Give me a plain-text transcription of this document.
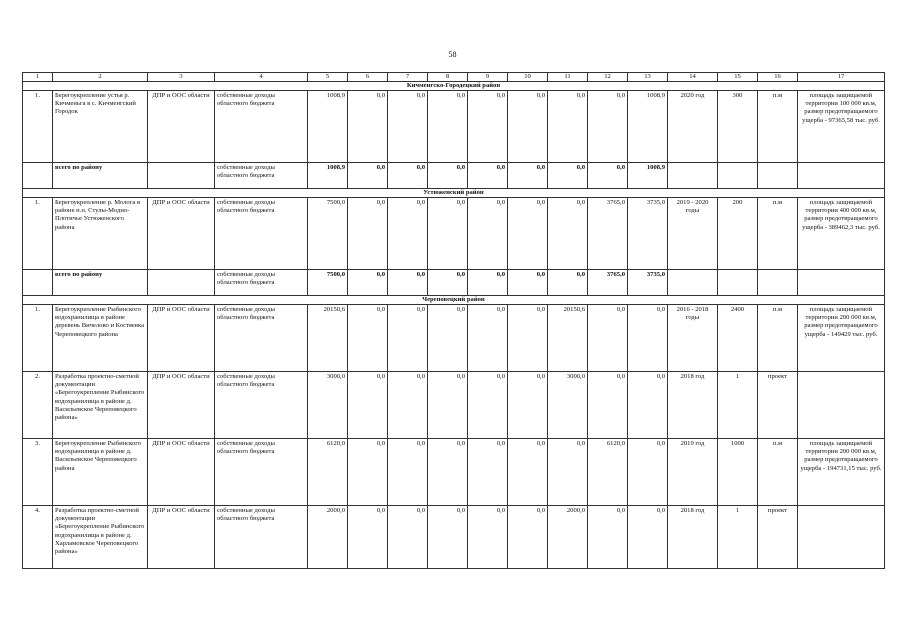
58
1	2	3	4	5	6	7	8	9	10	11	12	13	14	15	16	17
Кичменгско-Городецкий район																
1.	Берегоукрепление устья р. Кичменьга в с. Кичменгский Городок	ДПР и ООС области	собственные доходы областного бюджета	1008,9	0,0	0,0	0,0	0,0	0,0	0,0	0,0	1008,9	2020 год	300	п.м	площадь защищаемой территории 100 000 кв.м, размер предотвращаемого ущерба - 97365,58 тыс. руб.
	всего по району		собственные доходы областного бюджета	1008,9	0,0	0,0	0,0	0,0	0,0	0,0	0,0	1008,9				
Устюженский район																
1.	Берегоукрепление р. Молога в районе н.п. Стулы-Модно-Плотичье Устюженского района	ДПР и ООС области	собственные доходы областного бюджета	7500,0	0,0	0,0	0,0	0,0	0,0	0,0	3765,0	3735,0	2019 - 2020 годы	200	п.м	площадь защищаемой территории 400 000 кв.м, размер предотвращаемого ущерба - 389462,3 тыс. руб.
	всего по району		собственные доходы областного бюджета	7500,0	0,0	0,0	0,0	0,0	0,0	0,0	3765,0	3735,0				
Череповецкий район																
1.	Берегоукрепление Рыбинского водохранилища в районе деревень Вичелово и Костяевка Череповецкого района	ДПР и ООС области	собственные доходы областного бюджета	20150,6	0,0	0,0	0,0	0,0	0,0	20150,6	0,0	0,0	2016 - 2018 годы	2400	п.м	площадь защищаемой территории 200 000 кв.м, размер предотвращаемого ущерба - 149429 тыс. руб.
2.	Разработка проектно-сметной документации «Берегоукрепление Рыбинского водохранилища в районе д. Васильевское Череповецкого района»	ДПР и ООС области	собственные доходы областного бюджета	3000,0	0,0	0,0	0,0	0,0	0,0	3000,0	0,0	0,0	2018 год	1	проект	
3.	Берегоукрепление Рыбинского водохранилища в районе д. Васильевское Череповецкого района	ДПР и ООС области	собственные доходы областного бюджета	6120,0	0,0	0,0	0,0	0,0	0,0	0,0	6120,0	0,0	2019 год	1000	п.м	площадь защищаемой территории 200 000 кв.м, размер предотвращаемого ущерба - 194731,15 тыс. руб.
4.	Разработка проектно-сметной документации «Берегоукрепление Рыбинского водохранилища в районе д. Харламовское Череповецкого района»	ДПР и ООС области	собственные доходы областного бюджета	2000,0	0,0	0,0	0,0	0,0	0,0	2000,0	0,0	0,0	2018 год	1	проект	
